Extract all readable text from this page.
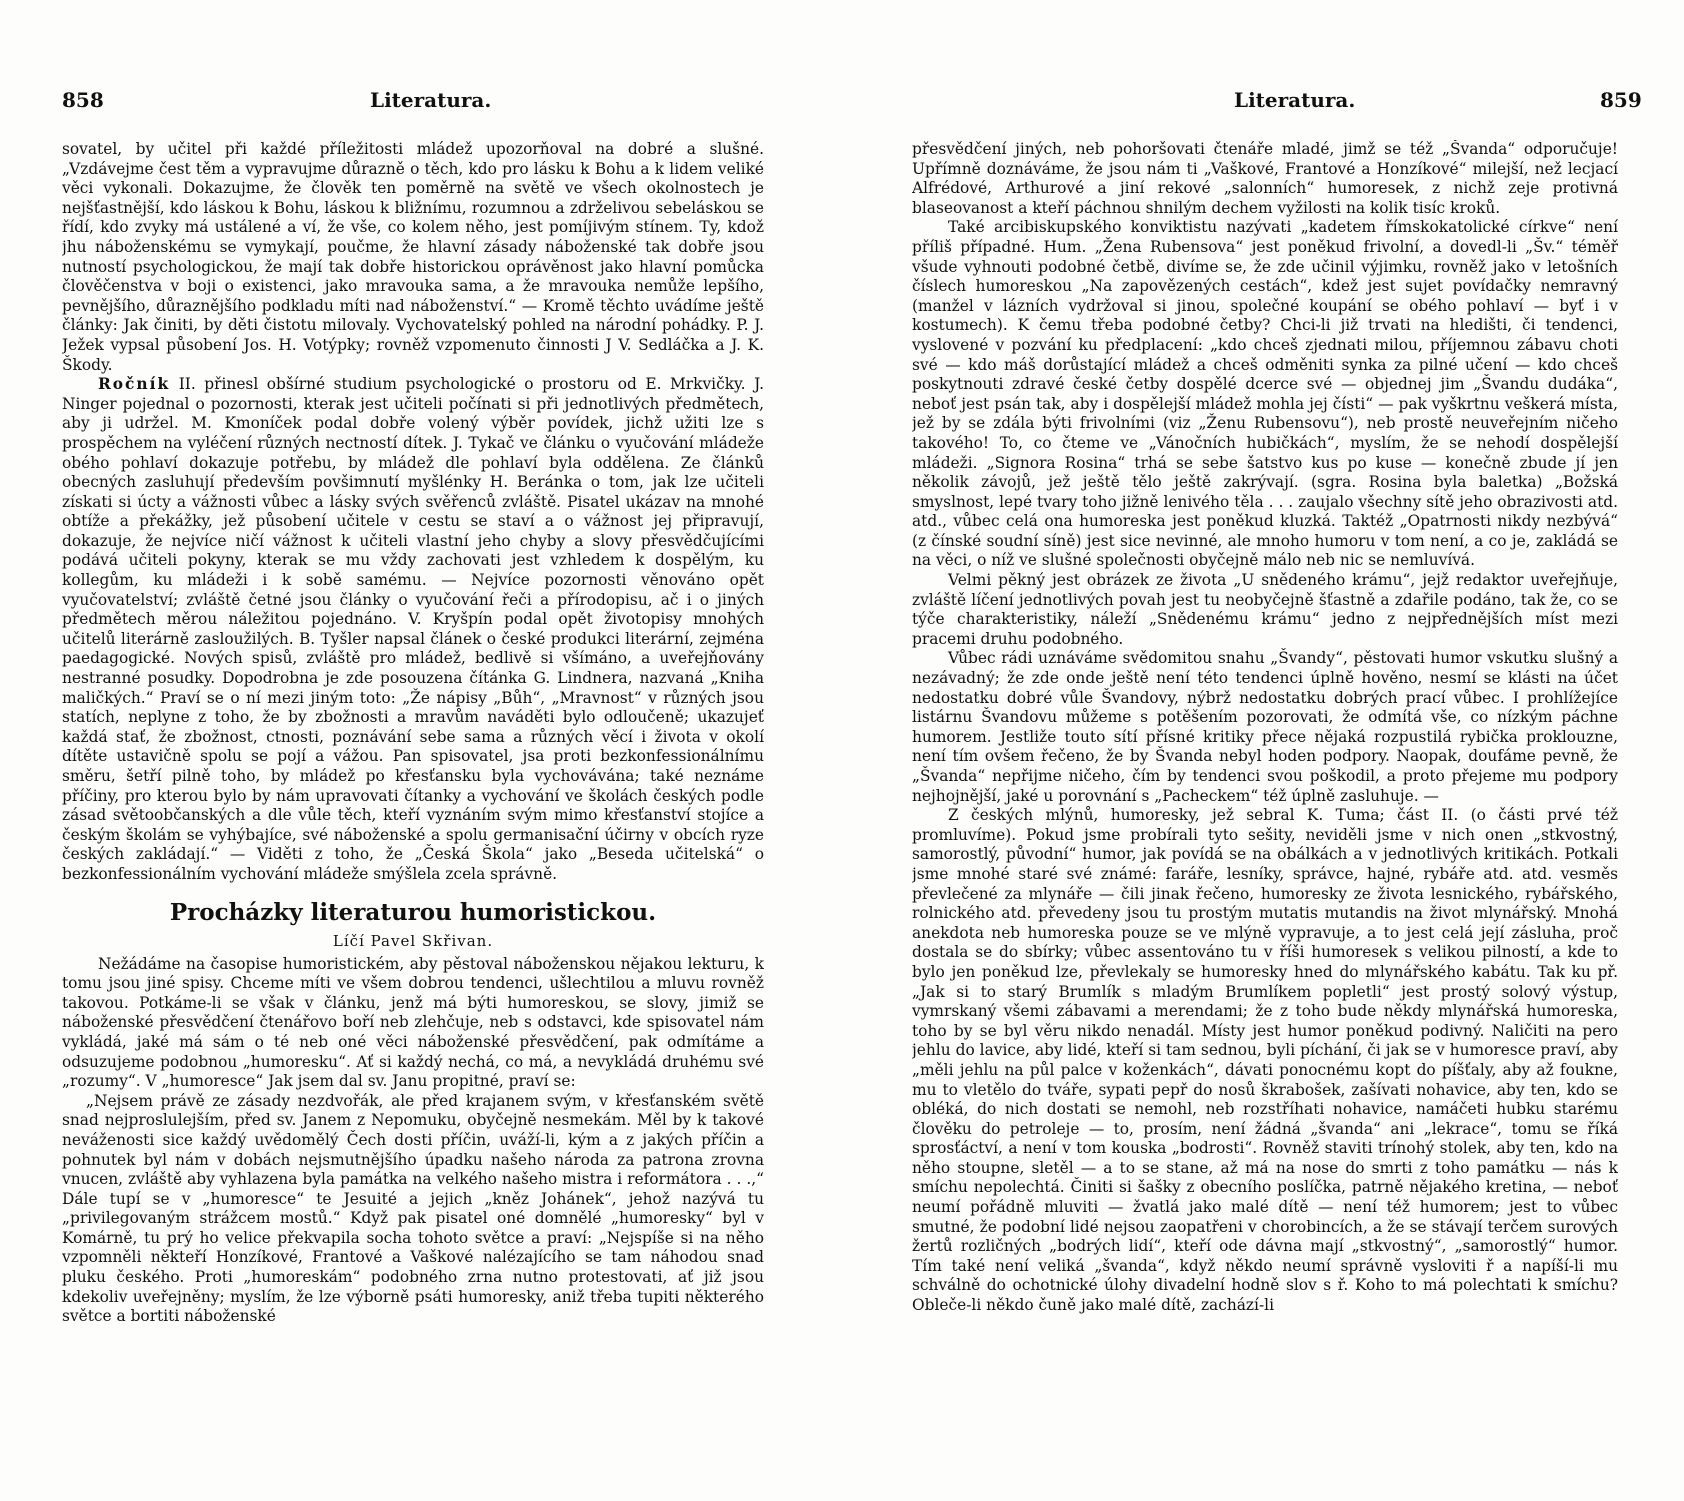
858	Literatura.

sovatel, by učitel při každé příležitosti mládež upozorňoval na dobré a slušné. „Vzdávejme čest těm a vypravujme důrazně o těch, kdo pro lásku k Bohu a k lidem veliké věci vykonali. Dokazujme, že člověk ten poměrně na světě ve všech okolnostech je nejšťastnější, kdo láskou k Bohu, láskou k bližnímu, rozumnou a zdrželivou sebeláskou se řídí, kdo zvyky má ustálené a ví, že vše, co kolem něho, jest pomíjivým stínem. Ty, kdož jhu náboženskému se vymykají, poučme, že hlavní zásady náboženské tak dobře jsou nutností psychologickou, že mají tak dobře historickou oprávěnost jako hlavní pomůcka člověčenstva v boji o existenci, jako mravouka sama, a že mravouka nemůže lepšího, pevnějšího, důraznějšího podkladu míti nad náboženství.“ — Kromě těchto uvádíme ještě články: Jak činiti, by děti čistotu milovaly. Vychovatelský pohled na národní pohádky. P. J. Ježek vypsal působení Jos. H. Votýpky; rovněž vzpomenuto činnosti J V. Sedláčka a J. K. Škody.

Ročník II. přinesl obšírné studium psychologické o prostoru od E. Mrkvičky. J. Ninger pojednal o pozornosti, kterak jest učiteli počínati si při jednotlivých předmětech, aby ji udržel. M. Kmoníček podal dobře volený výběr povídek, jichž užiti lze s prospěchem na vyléčení různých nectností dítek. J. Tykač ve článku o vyučování mládeže obého pohlaví dokazuje potřebu, by mládež dle pohlaví byla oddělena. Ze článků obecných zasluhují především povšimnutí myšlénky H. Beránka o tom, jak lze učiteli získati si úcty a vážnosti vůbec a lásky svých svěřenců zvláště. Pisatel ukázav na mnohé obtíže a překážky, jež působení učitele v cestu se staví a o vážnost jej připravují, dokazuje, že nejvíce ničí vážnost k učiteli vlastní jeho chyby a slovy přesvědčujícími podává učiteli pokyny, kterak se mu vždy zachovati jest vzhledem k dospělým, ku kollegům, ku mládeži i k sobě samému. — Nejvíce pozornosti věnováno opět vyučovatelství; zvláště četné jsou články o vyučování řeči a přírodopisu, ač i o jiných předmětech měrou náležitou pojednáno. V. Kryšpín podal opět životopisy mnohých učitelů literárně zasloužilých. B. Tyšler napsal článek o české produkci literární, zejména paedagogické. Nových spisů, zvláště pro mládež, bedlivě si všímáno, a uveřejňovány nestranné posudky. Dopodrobna je zde posouzena čítánka G. Lindnera, nazvaná „Kniha maličkých.“ Praví se o ní mezi jiným toto: „Že nápisy „Bůh“, „Mravnost“ v různých jsou statích, neplyne z toho, že by zbožnosti a mravům naváděti bylo odloučeně; ukazujeť každá stať, že zbožnost, ctnosti, poznávání sebe sama a různých věcí i života v okolí dítěte ustavičně spolu se pojí a vážou. Pan spisovatel, jsa proti bezkonfessionálnímu směru, šetří pilně toho, by mládež po křesťansku byla vychovávána; také neznáme příčiny, pro kterou bylo by nám upravovati čítanky a vychování ve školách českých podle zásad světoobčanských a dle vůle těch, kteří vyznáním svým mimo křesťanství stojíce a českým školám se vyhýbajíce, své náboženské a spolu germanisační účirny v obcích ryze českých zakládají.“ — Viděti z toho, že „Česká Škola“ jako „Beseda učitelská“ o bezkonfessionálním vychování mládeže smýšlela zcela správně.

Procházky literaturou humoristickou.
Líčí Pavel Skřivan.

Nežádáme na časopise humoristickém, aby pěstoval náboženskou nějakou lekturu, k tomu jsou jiné spisy. Chceme míti ve všem dobrou tendenci, ušlechtilou a mluvu rovněž takovou. Potkáme-li se však v článku, jenž má býti humoreskou, se slovy, jimiž se náboženské přesvědčení čtenářovo boří neb zlehčuje, neb s odstavci, kde spisovatel nám vykládá, jaké má sám o té neb oné věci náboženské přesvědčení, pak odmítáme a odsuzujeme podobnou „humoresku“. Ať si každý nechá, co má, a nevykládá druhému své „rozumy“. V „humoresce“ Jak jsem dal sv. Janu propitné, praví se:

„Nejsem právě ze zásady nezdvořák, ale před krajanem svým, v křesťanském světě snad nejproslulejším, před sv. Janem z Nepomuku, obyčejně nesmekám. Měl by k takové neváženosti sice každý uvědomělý Čech dosti příčin, uváží-li, kým a z jakých příčin a pohnutek byl nám v dobách nejsmutnějšího úpadku našeho národa za patrona zrovna vnucen, zvláště aby vyhlazena byla památka na velkého našeho mistra i reformátora . . .,“ Dále tupí se v „humoresce“ te Jesuité a jejich „kněz Johánek“, jehož nazývá tu „privilegovaným strážcem mostů.“ Když pak pisatel oné domnělé „humoresky“ byl v Komárně, tu prý ho velice překvapila socha tohoto světce a praví: „Nejspíše si na něho vzpomněli někteří Honzíkové, Frantové a Vaškové nalézajícího se tam náhodou snad pluku českého. Proti „humoreskám“ podobného zrna nutno protestovati, ať již jsou kdekoliv uveřejněny; myslím, že lze výborně psáti humoresky, aniž třeba tupiti některého světce a bortiti náboženské

Literatura.	859

přesvědčení jiných, neb pohoršovati čtenáře mladé, jimž se též „Švanda“ odporučuje! Upřímně doznáváme, že jsou nám ti „Vaškové, Frantové a Honzíkové“ milejší, než lecjací Alfrédové, Arthurové a jiní rekové „salonních“ humoresek, z nichž zeje protivná blaseovanost a kteří páchnou shnilým dechem vyžilosti na kolik tisíc kroků.

Také arcibiskupského konviktistu nazývati „kadetem římskokatolické církve“ není příliš případné. Hum. „Žena Rubensova“ jest poněkud frivolní, a dovedl-li „Šv.“ téměř všude vyhnouti podobné četbě, divíme se, že zde učinil výjimku, rovněž jako v letošních číslech humoreskou „Na zapovězených cestách“, kdež jest sujet povídačky nemravný (manžel v lázních vydržoval si jinou, společné koupání se obého pohlaví — byť i v kostumech). K čemu třeba podobné četby? Chci-li již trvati na hledišti, či tendenci, vyslovené v pozvání ku předplacení: „kdo chceš zjednati milou, příjemnou zábavu choti své — kdo máš dorůstající mládež a chceš odměniti synka za pilné učení — kdo chceš poskytnouti zdravé české četby dospělé dcerce své — objednej jim „Švandu dudáka“, neboť jest psán tak, aby i dospělejší mládež mohla jej čísti“ — pak vyškrtnu veškerá místa, jež by se zdála býti frivolními (viz „Ženu Rubensovu“), neb prostě neuveřejním ničeho takového! To, co čteme ve „Vánočních hubičkách“, myslím, že se nehodí dospělejší mládeži. „Signora Rosina“ trhá se sebe šatstvo kus po kuse — konečně zbude jí jen několik závojů, jež ještě tělo ještě zakrývají. (sgra. Rosina byla baletka) „Božská smyslnost, lepé tvary toho jižně lenivého těla . . . zaujalo všechny sítě jeho obrazivosti atd. atd., vůbec celá ona humoreska jest poněkud kluzká. Taktéž „Opatrnosti nikdy nezbývá“ (z čínské soudní síně) jest sice nevinné, ale mnoho humoru v tom není, a co je, zakládá se na věci, o níž ve slušné společnosti obyčejně málo neb nic se nemluvívá.

Velmi pěkný jest obrázek ze života „U snědeného krámu“, jejž redaktor uveřejňuje, zvláště líčení jednotlivých povah jest tu neobyčejně šťastně a zdařile podáno, tak že, co se týče charakteristiky, náleží „Snědenému krámu“ jedno z nejpřednějších míst mezi pracemi druhu podobného.

Vůbec rádi uznáváme svědomitou snahu „Švandy“, pěstovati humor vskutku slušný a nezávadný; že zde onde ještě není této tendenci úplně hověno, nesmí se klásti na účet nedostatku dobré vůle Švandovy, nýbrž nedostatku dobrých prací vůbec. I prohlížejíce listárnu Švandovu můžeme s potěšením pozorovati, že odmítá vše, co nízkým páchne humorem. Jestliže touto sítí přísné kritiky přece nějaká rozpustilá rybička proklouzne, není tím ovšem řečeno, že by Švanda nebyl hoden podpory. Naopak, doufáme pevně, že „Švanda“ nepřijme ničeho, čím by tendenci svou poškodil, a proto přejeme mu podpory nejhojnější, jaké u porovnání s „Pacheckem“ též úplně zasluhuje. —

Z českých mlýnů, humoresky, jež sebral K. Tuma; část II. (o části prvé též promluvíme). Pokud jsme probírali tyto sešity, neviděli jsme v nich onen „stkvostný, samorostlý, původní“ humor, jak povídá se na obálkách a v jednotlivých kritikách. Potkali jsme mnohé staré své známé: faráře, lesníky, správce, hajné, rybáře atd. atd. vesměs převlečené za mlynáře — čili jinak řečeno, humoresky ze života lesnického, rybářského, rolnického atd. převedeny jsou tu prostým mutatis mutandis na život mlynářský. Mnohá anekdota neb humoreska pouze se ve mlýně vypravuje, a to jest celá její zásluha, proč dostala se do sbírky; vůbec assentováno tu v říši humoresek s velikou pilností, a kde to bylo jen poněkud lze, převlekaly se humoresky hned do mlynářského kabátu. Tak ku př. „Jak si to starý Brumlík s mladým Brumlíkem popletli“ jest prostý solový výstup, vymrskaný všemi zábavami a merendami; že z toho bude někdy mlynářská humoreska, toho by se byl věru nikdo nenadál. Místy jest humor poněkud podivný. Naličiti na pero jehlu do lavice, aby lidé, kteří si tam sednou, byli píchání, či jak se v humoresce praví, aby „měli jehlu na půl palce v koženkách“, dávati ponocnému kopt do píšťaly, aby až foukne, mu to vletělo do tváře, sypati pepř do nosů škrabošek, zašívati nohavice, aby ten, kdo se obléká, do nich dostati se nemohl, neb rozstříhati nohavice, namáčeti hubku starému člověku do petroleje — to, prosím, není žádná „švanda“ ani „lekrace“, tomu se říká sprosťáctví, a není v tom kouska „bodrosti“. Rovněž staviti trínohý stolek, aby ten, kdo na něho stoupne, sletěl — a to se stane, až má na nose do smrti z toho památku — nás k smíchu nepolechtá. Činiti si šašky z obecního poslíčka, patrně nějakého kretina, — neboť neumí pořádně mluviti — žvatlá jako malé dítě — není též humorem; jest to vůbec smutné, že podobní lidé nejsou zaopatřeni v chorobincích, a že se stávají terčem surových žertů rozličných „bodrých lidí“, kteří ode dávna mají „stkvostný“, „samorostlý“ humor. Tím také není veliká „švanda“, když někdo neumí správně vysloviti ř a napíší-li mu schválně do ochotnické úlohy divadelní hodně slov s ř. Koho to má polechtati k smíchu? Obleče-li někdo čuně jako malé dítě, zachází-li
